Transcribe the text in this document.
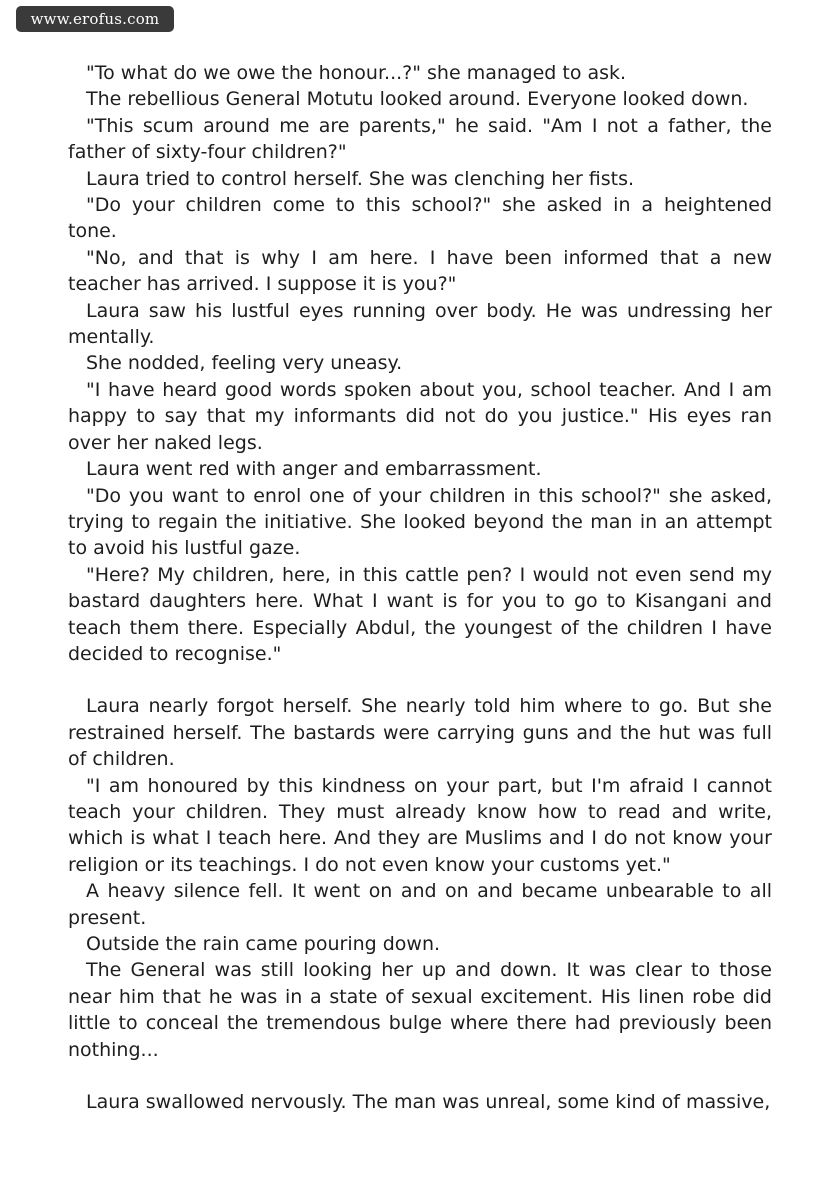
www.erofus.com

"To what do we owe the honour...?" she managed to ask.

The rebellious General Motutu looked around. Everyone looked down.

"This scum around me are parents," he said. "Am I not a father, the father of sixty-four children?"

Laura tried to control herself. She was clenching her fists.

"Do your children come to this school?" she asked in a heightened tone.

"No, and that is why I am here. I have been informed that a new teacher has arrived. I suppose it is you?"

Laura saw his lustful eyes running over body. He was undressing her mentally.

She nodded, feeling very uneasy.

"I have heard good words spoken about you, school teacher. And I am happy to say that my informants did not do you justice." His eyes ran over her naked legs.

Laura went red with anger and embarrassment.

"Do you want to enrol one of your children in this school?" she asked, trying to regain the initiative. She looked beyond the man in an attempt to avoid his lustful gaze.

"Here? My children, here, in this cattle pen? I would not even send my bastard daughters here. What I want is for you to go to Kisangani and teach them there. Especially Abdul, the youngest of the children I have decided to recognise."

Laura nearly forgot herself. She nearly told him where to go. But she restrained herself. The bastards were carrying guns and the hut was full of children.

"I am honoured by this kindness on your part, but I'm afraid I cannot teach your children. They must already know how to read and write, which is what I teach here. And they are Muslims and I do not know your religion or its teachings. I do not even know your customs yet."

A heavy silence fell. It went on and on and became unbearable to all present.

Outside the rain came pouring down.

The General was still looking her up and down. It was clear to those near him that he was in a state of sexual excitement. His linen robe did little to conceal the tremendous bulge where there had previously been nothing...

Laura swallowed nervously. The man was unreal, some kind of massive,
